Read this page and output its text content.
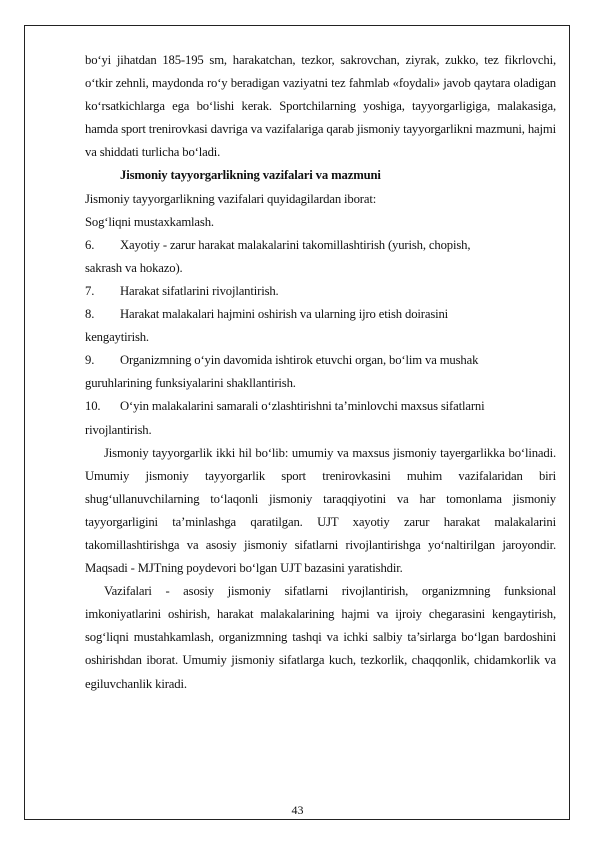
bo‘yi jihatdan 185-195 sm, harakatchan, tezkor, sakrovchan, ziyrak, zukko, tez fikrlovchi, o‘tkir zehnli, maydonda ro‘y beradigan vaziyatni tez fahmlab «foydali» javob qaytara oladigan ko‘rsatkichlarga ega bo‘lishi kerak. Sportchilarning yoshiga, tayyorgarligiga, malakasiga, hamda sport trenirovkasi davriga va vazifalariga qarab jismoniy tayyorgarlikni mazmuni, hajmi va shiddati turlicha bo‘ladi.

Jismoniy tayyorgarlikning vazifalari va mazmuni

Jismoniy tayyorgarlikning vazifalari quyidagilardan iborat:

Sog‘liqni mustaxkamlash.

6. Xayotiy - zarur harakat malakalarini takomillashtirish (yurish, chopish,
sakrash va hokazo).

7. Harakat sifatlarini rivojlantirish.

8. Harakat malakalari hajmini oshirish va ularning ijro etish doirasini
kengaytirish.

9. Organizmning o‘yin davomida ishtirok etuvchi organ, bo‘lim va mushak
guruhlarining funksiyalarini shakllantirish.

10. O‘yin malakalarini samarali o‘zlashtirishni ta’minlovchi maxsus sifatlarni
rivojlantirish.

Jismoniy tayyorgarlik ikki hil bo‘lib: umumiy va maxsus jismoniy tayergarlikka bo‘linadi. Umumiy jismoniy tayyorgarlik sport trenirovkasini muhim vazifalaridan biri shug‘ullanuvchilarning to‘laqonli jismoniy taraqqiyotini va har tomonlama jismoniy tayyorgarligini ta’minlashga qaratilgan. UJT xayotiy zarur harakat malakalarini takomillashtirishga va asosiy jismoniy sifatlarni rivojlantirishga yo‘naltirilgan jaroyondir. Maqsadi - MJTning poydevori bo‘lgan UJT bazasini yaratishdir.

Vazifalari - asosiy jismoniy sifatlarni rivojlantirish, organizmning funksional imkoniyatlarini oshirish, harakat malakalarining hajmi va ijroiy chegarasini kengaytirish, sog‘liqni mustahkamlash, organizmning tashqi va ichki salbiy ta’sirlarga bo‘lgan bardoshini oshirishdan iborat. Umumiy jismoniy sifatlarga kuch, tezkorlik, chaqqonlik, chidamkorlik va egiluvchanlik kiradi.

43
